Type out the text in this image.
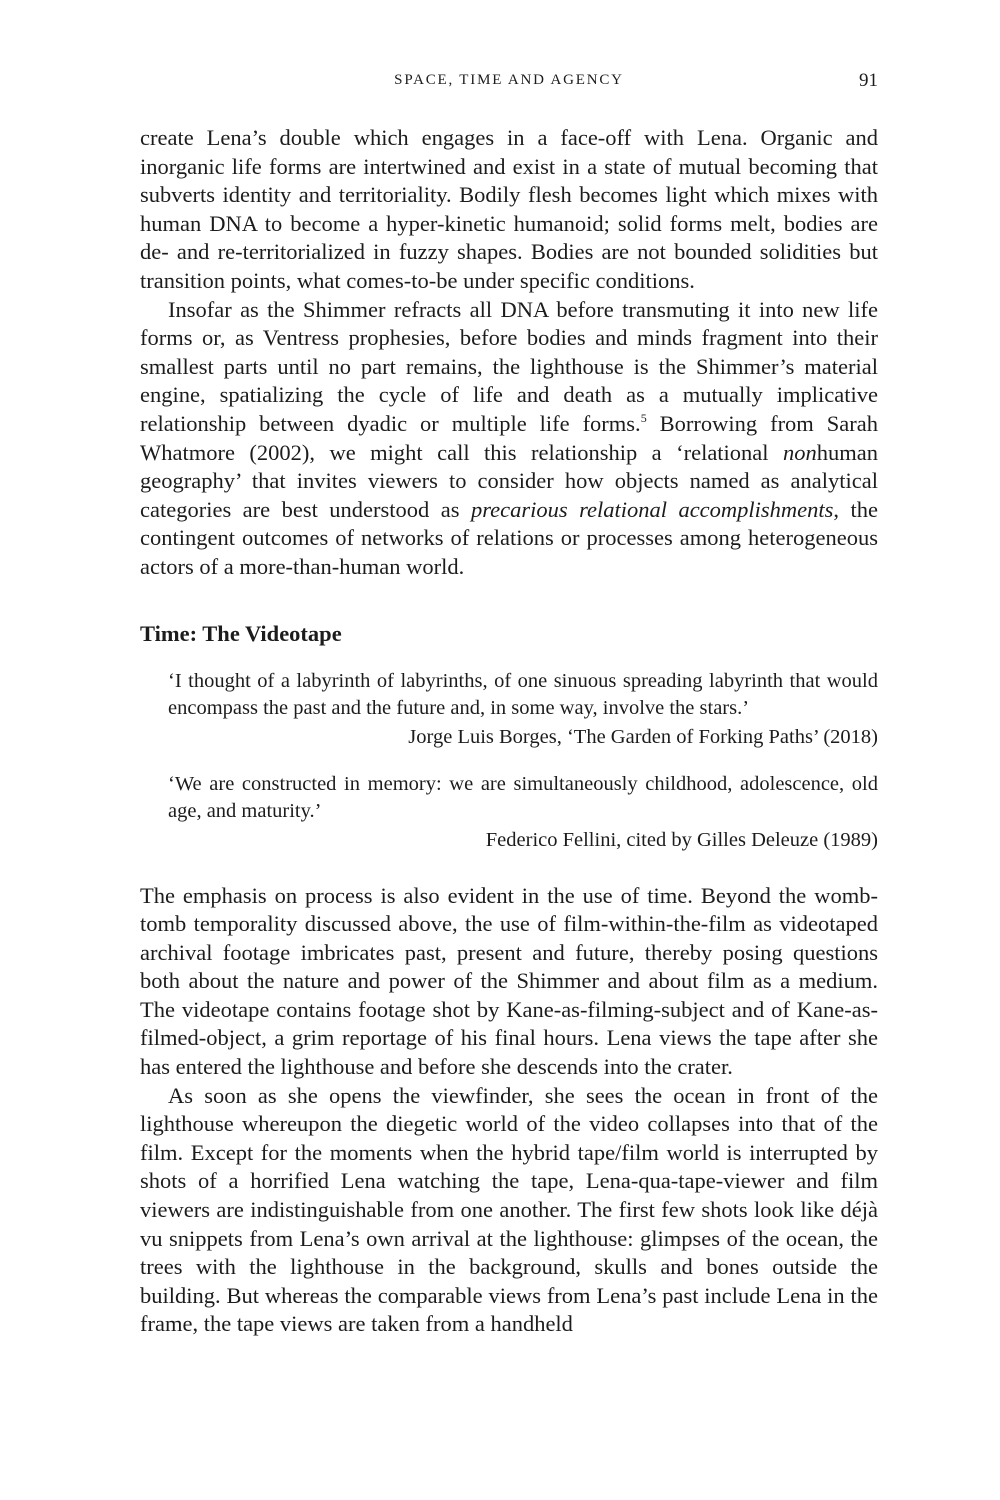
SPACE, TIME AND AGENCY	91

create Lena’s double which engages in a face-off with Lena. Organic and inorganic life forms are intertwined and exist in a state of mutual becoming that subverts identity and territoriality. Bodily flesh becomes light which mixes with human DNA to become a hyper-kinetic humanoid; solid forms melt, bodies are de- and re-territorialized in fuzzy shapes. Bodies are not bounded solidities but transition points, what comes-to-be under specific conditions.

Insofar as the Shimmer refracts all DNA before transmuting it into new life forms or, as Ventress prophesies, before bodies and minds fragment into their smallest parts until no part remains, the lighthouse is the Shimmer’s material engine, spatializing the cycle of life and death as a mutually implicative relationship between dyadic or multiple life forms.$^5$ Borrowing from Sarah Whatmore (2002), we might call this relationship a ‘relational nonhuman geography’ that invites viewers to consider how objects named as analytical categories are best understood as precarious relational accomplishments, the contingent outcomes of networks of relations or processes among heterogeneous actors of a more-than-human world.

Time: The Videotape
‘I thought of a labyrinth of labyrinths, of one sinuous spreading labyrinth that would encompass the past and the future and, in some way, involve the stars.’
Jorge Luis Borges, ‘The Garden of Forking Paths’ (2018)
‘We are constructed in memory: we are simultaneously childhood, adolescence, old age, and maturity.’
Federico Fellini, cited by Gilles Deleuze (1989)

The emphasis on process is also evident in the use of time. Beyond the womb-tomb temporality discussed above, the use of film-within-the-film as videotaped archival footage imbricates past, present and future, thereby posing questions both about the nature and power of the Shimmer and about film as a medium. The videotape contains footage shot by Kane-as-filming-subject and of Kane-as-filmed-object, a grim reportage of his final hours. Lena views the tape after she has entered the lighthouse and before she descends into the crater.

As soon as she opens the viewfinder, she sees the ocean in front of the lighthouse whereupon the diegetic world of the video collapses into that of the film. Except for the moments when the hybrid tape/film world is interrupted by shots of a horrified Lena watching the tape, Lena-qua-tape-viewer and film viewers are indistinguishable from one another. The first few shots look like déjà vu snippets from Lena’s own arrival at the lighthouse: glimpses of the ocean, the trees with the lighthouse in the background, skulls and bones outside the building. But whereas the comparable views from Lena’s past include Lena in the frame, the tape views are taken from a handheld
